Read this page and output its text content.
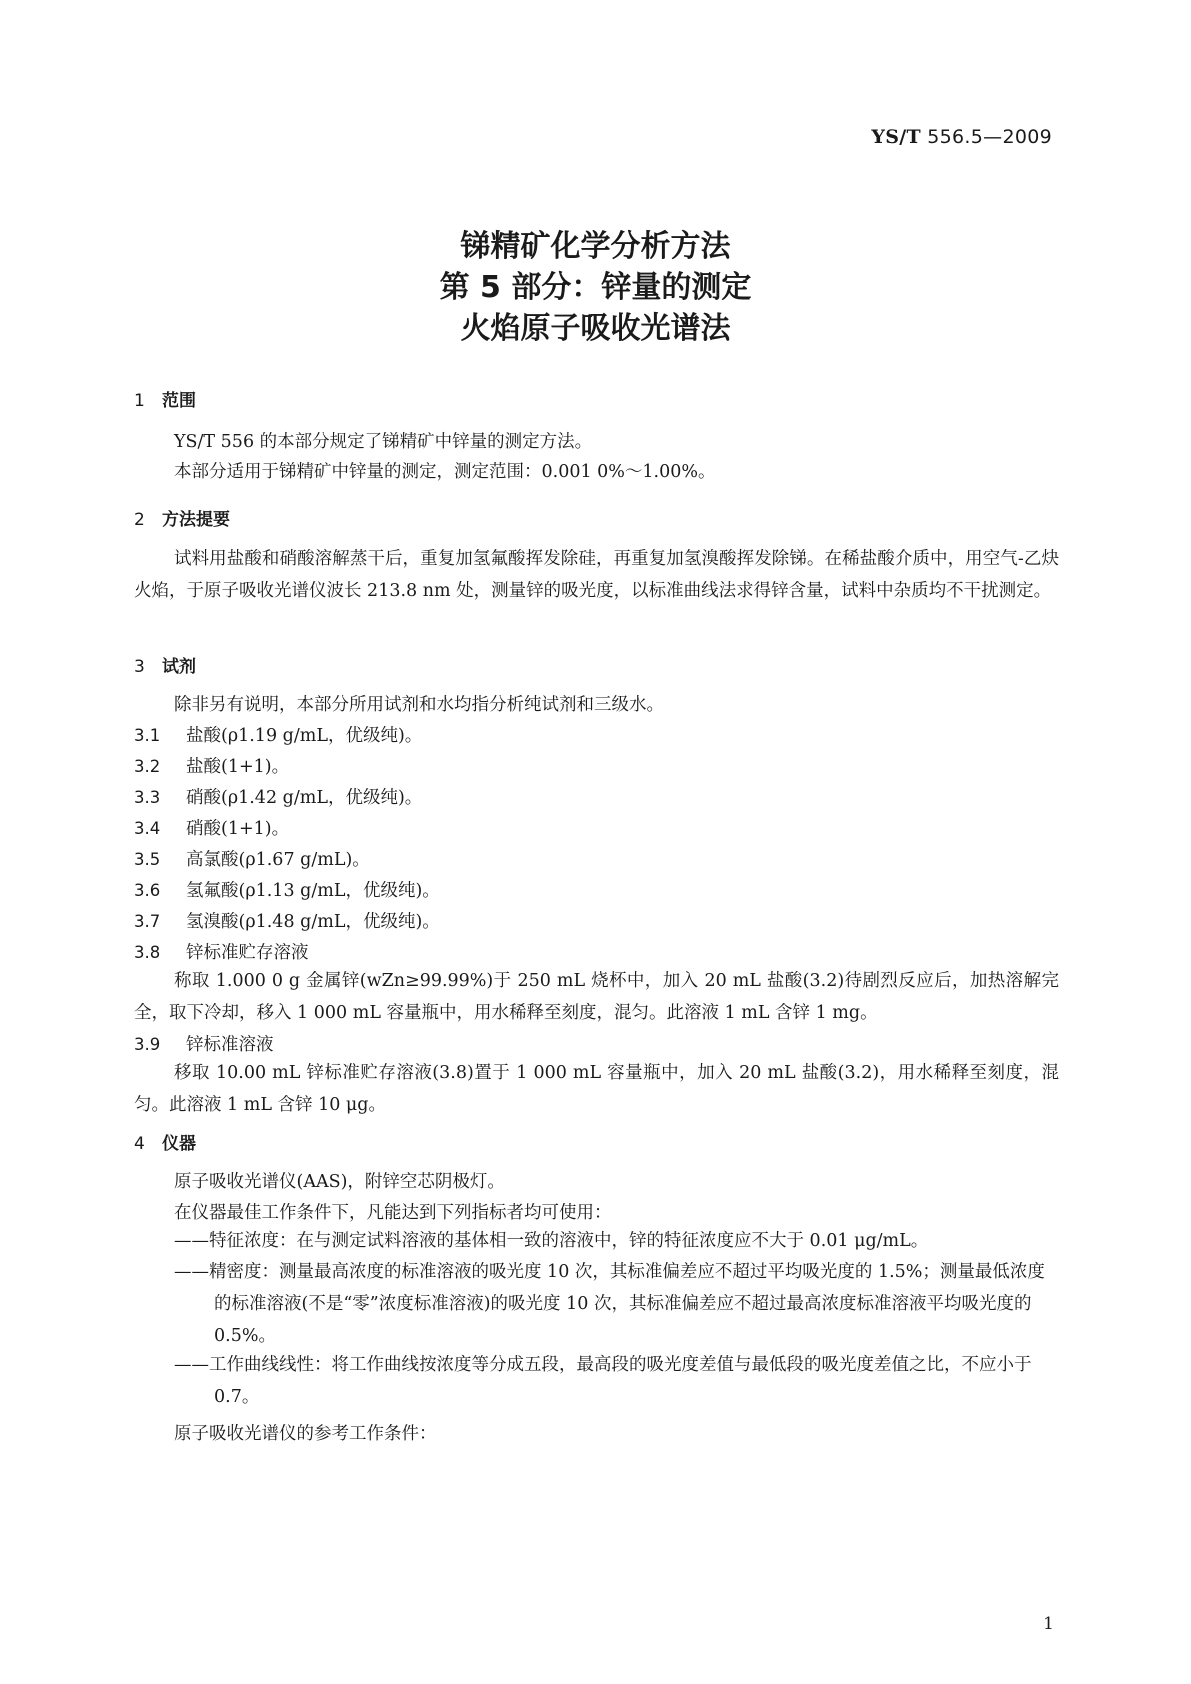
YS/T 556.5—2009
锑精矿化学分析方法
第 5 部分：锌量的测定
火焰原子吸收光谱法
1 范围
YS/T 556 的本部分规定了锑精矿中锌量的测定方法。
本部分适用于锑精矿中锌量的测定，测定范围：0.001 0%～1.00%。
2 方法提要
试料用盐酸和硝酸溶解蒸干后，重复加氢氟酸挥发除硅，再重复加氢溴酸挥发除锑。在稀盐酸介质中，用空气-乙炔火焰，于原子吸收光谱仪波长 213.8 nm 处，测量锌的吸光度，以标准曲线法求得锌含量，试料中杂质均不干扰测定。
3 试剂
除非另有说明，本部分所用试剂和水均指分析纯试剂和三级水。
3.1 盐酸(ρ1.19 g/mL，优级纯)。
3.2 盐酸(1+1)。
3.3 硝酸(ρ1.42 g/mL，优级纯)。
3.4 硝酸(1+1)。
3.5 高氯酸(ρ1.67 g/mL)。
3.6 氢氟酸(ρ1.13 g/mL，优级纯)。
3.7 氢溴酸(ρ1.48 g/mL，优级纯)。
3.8 锌标准贮存溶液
称取 1.000 0 g 金属锌(wZn≥99.99%)于 250 mL 烧杯中，加入 20 mL 盐酸(3.2)待剧烈反应后，加热溶解完全，取下冷却，移入 1 000 mL 容量瓶中，用水稀释至刻度，混匀。此溶液 1 mL 含锌 1 mg。
3.9 锌标准溶液
移取 10.00 mL 锌标准贮存溶液(3.8)置于 1 000 mL 容量瓶中，加入 20 mL 盐酸(3.2)，用水稀释至刻度，混匀。此溶液 1 mL 含锌 10 μg。
4 仪器
原子吸收光谱仪(AAS)，附锌空芯阴极灯。
在仪器最佳工作条件下，凡能达到下列指标者均可使用：
——特征浓度：在与测定试料溶液的基体相一致的溶液中，锌的特征浓度应不大于 0.01 μg/mL。
——精密度：测量最高浓度的标准溶液的吸光度 10 次，其标准偏差应不超过平均吸光度的 1.5%；测量最低浓度的标准溶液(不是“零”浓度标准溶液)的吸光度 10 次，其标准偏差应不超过最高浓度标准溶液平均吸光度的 0.5%。
——工作曲线线性：将工作曲线按浓度等分成五段，最高段的吸光度差值与最低段的吸光度差值之比，不应小于 0.7。
原子吸收光谱仪的参考工作条件：
1
